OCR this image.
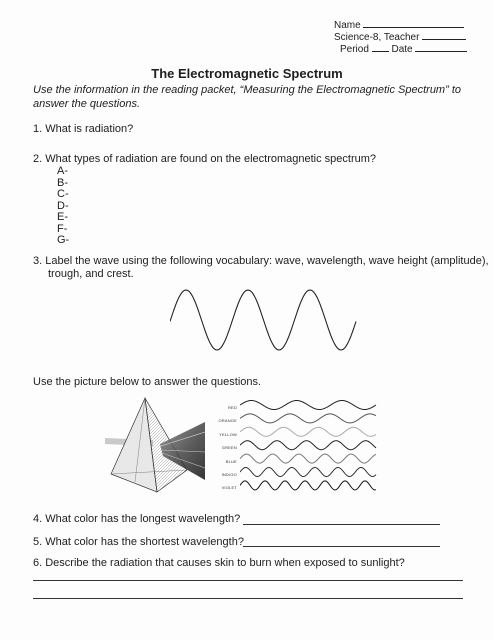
Name
Science-8, Teacher
Period Date
The Electromagnetic Spectrum
Use the information in the reading packet, “Measuring the Electromagnetic Spectrum” to answer the questions.
1. What is radiation?
2. What types of radiation are found on the electromagnetic spectrum?
A-
B-
C-
D-
E-
F-
G-
3. Label the wave using the following vocabulary: wave, wavelength, wave height (amplitude),
trough, and crest.
Use the picture below to answer the questions.
RED
ORANGE
YELLOW
GREEN
BLUE
INDIGO
VIOLET
4. What color has the longest wavelength?
5. What color has the shortest wavelength?
6. Describe the radiation that causes skin to burn when exposed to sunlight?
